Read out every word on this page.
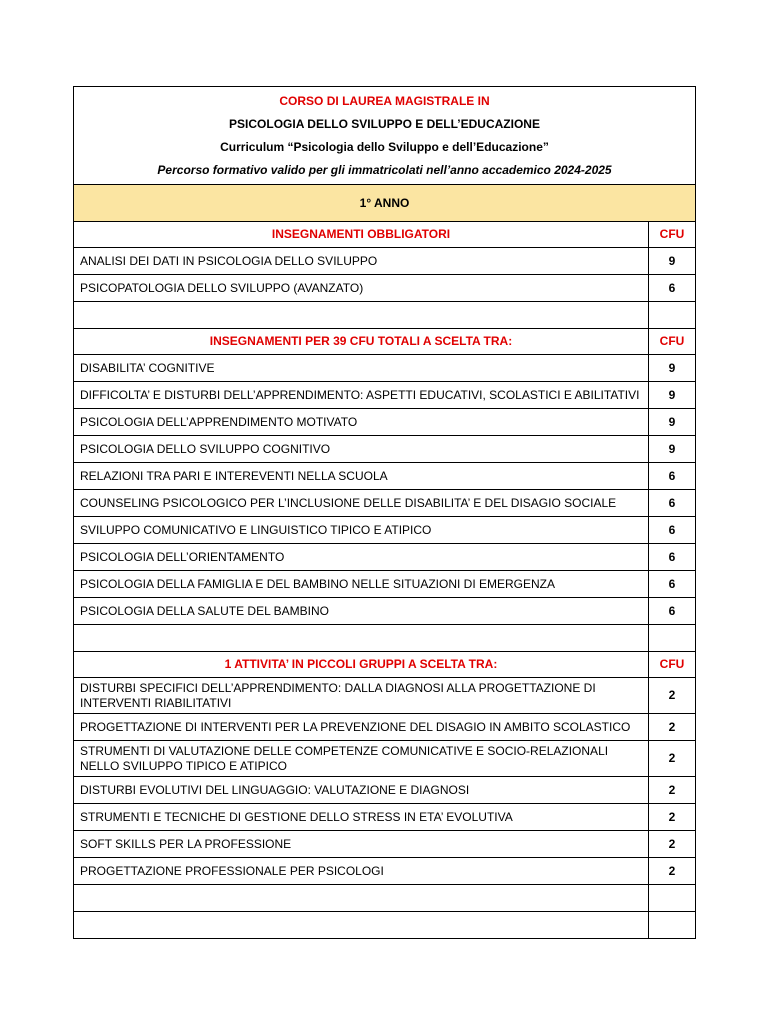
CORSO DI LAUREA MAGISTRALE IN
PSICOLOGIA DELLO SVILUPPO E DELL’EDUCAZIONE
Curriculum “Psicologia dello Sviluppo e dell’Educazione”
Percorso formativo valido per gli immatricolati nell’anno accademico 2024-2025	

1° ANNO	
INSEGNAMENTI OBBLIGATORI	CFU
ANALISI DEI DATI IN PSICOLOGIA DELLO SVILUPPO	9
PSICOPATOLOGIA DELLO SVILUPPO (AVANZATO)	6

INSEGNAMENTI PER 39 CFU TOTALI A SCELTA TRA:	CFU
DISABILITA’ COGNITIVE	9
DIFFICOLTA’ E DISTURBI DELL’APPRENDIMENTO: ASPETTI EDUCATIVI, SCOLASTICI E ABILITATIVI	9
PSICOLOGIA DELL’APPRENDIMENTO MOTIVATO	9
PSICOLOGIA DELLO SVILUPPO COGNITIVO	9
RELAZIONI TRA PARI E INTEREVENTI NELLA SCUOLA	6
COUNSELING PSICOLOGICO PER L’INCLUSIONE DELLE DISABILITA’ E DEL DISAGIO SOCIALE	6
SVILUPPO COMUNICATIVO E LINGUISTICO TIPICO E ATIPICO	6
PSICOLOGIA DELL’ORIENTAMENTO	6
PSICOLOGIA DELLA FAMIGLIA E DEL BAMBINO NELLE SITUAZIONI DI EMERGENZA	6
PSICOLOGIA DELLA SALUTE DEL BAMBINO	6

1 ATTIVITA’ IN PICCOLI GRUPPI A SCELTA TRA:	CFU
DISTURBI SPECIFICI DELL’APPRENDIMENTO: DALLA DIAGNOSI ALLA PROGETTAZIONE DI INTERVENTI RIABILITATIVI	2
PROGETTAZIONE DI INTERVENTI PER LA PREVENZIONE DEL DISAGIO IN AMBITO SCOLASTICO	2
STRUMENTI DI VALUTAZIONE DELLE COMPETENZE COMUNICATIVE E SOCIO-RELAZIONALI NELLO SVILUPPO TIPICO E ATIPICO	2
DISTURBI EVOLUTIVI DEL LINGUAGGIO: VALUTAZIONE E DIAGNOSI	2
STRUMENTI E TECNICHE DI GESTIONE DELLO STRESS IN ETA’ EVOLUTIVA	2
SOFT SKILLS PER LA PROFESSIONE	2
PROGETTAZIONE PROFESSIONALE PER PSICOLOGI	2
